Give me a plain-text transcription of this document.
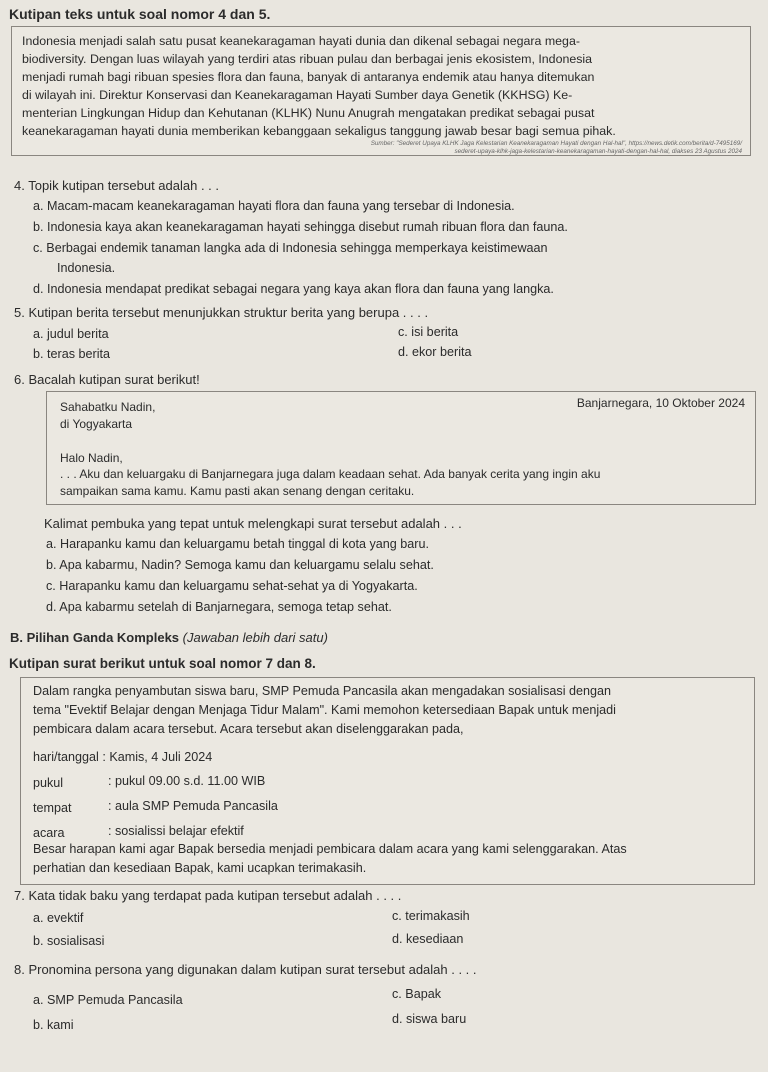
Kutipan teks untuk soal nomor 4 dan 5.
Indonesia menjadi salah satu pusat keanekaragaman hayati dunia dan dikenal sebagai negara mega-
biodiversity. Dengan luas wilayah yang terdiri atas ribuan pulau dan berbagai jenis ekosistem, Indonesia
menjadi rumah bagi ribuan spesies flora dan fauna, banyak di antaranya endemik atau hanya ditemukan
di wilayah ini. Direktur Konservasi dan Keanekaragaman Hayati Sumber daya Genetik (KKHSG) Ke-
menterian Lingkungan Hidup dan Kehutanan (KLHK) Nunu Anugrah mengatakan predikat sebagai pusat
keanekaragaman hayati dunia memberikan kebanggaan sekaligus tanggung jawab besar bagi semua pihak.
Sumber: "Sederet Upaya KLHK Jaga Kelestarian Keanekaragaman Hayati dengan Hal-hal", https://news.detik.com/berita/d-7495169/
sederet-upaya-klhk-jaga-kelestarian-keanekaragaman-hayati-dengan-hal-hal, diakses 23 Agustus 2024
4. Topik kutipan tersebut adalah . . .
a. Macam-macam keanekaragaman hayati flora dan fauna yang tersebar di Indonesia.
b. Indonesia kaya akan keanekaragaman hayati sehingga disebut rumah ribuan flora dan fauna.
c. Berbagai endemik tanaman langka ada di Indonesia sehingga memperkaya keistimewaan
Indonesia.
d. Indonesia mendapat predikat sebagai negara yang kaya akan flora dan fauna yang langka.
5. Kutipan berita tersebut menunjukkan struktur berita yang berupa . . . .
a. judul berita	c. isi berita
b. teras berita	d. ekor berita
6. Bacalah kutipan surat berikut!
Sahabatku Nadin,	Banjarnegara, 10 Oktober 2024
di Yogyakarta
Halo Nadin,
. . . Aku dan keluargaku di Banjarnegara juga dalam keadaan sehat. Ada banyak cerita yang ingin aku
sampaikan sama kamu. Kamu pasti akan senang dengan ceritaku.
Kalimat pembuka yang tepat untuk melengkapi surat tersebut adalah . . .
a. Harapanku kamu dan keluargamu betah tinggal di kota yang baru.
b. Apa kabarmu, Nadin? Semoga kamu dan keluargamu selalu sehat.
c. Harapanku kamu dan keluargamu sehat-sehat ya di Yogyakarta.
d. Apa kabarmu setelah di Banjarnegara, semoga tetap sehat.
B. Pilihan Ganda Kompleks (Jawaban lebih dari satu)
Kutipan surat berikut untuk soal nomor 7 dan 8.
Dalam rangka penyambutan siswa baru, SMP Pemuda Pancasila akan mengadakan sosialisasi dengan
tema "Evektif Belajar dengan Menjaga Tidur Malam". Kami memohon ketersediaan Bapak untuk menjadi
pembicara dalam acara tersebut. Acara tersebut akan diselenggarakan pada,
hari/tanggal : Kamis, 4 Juli 2024
pukul	: pukul 09.00 s.d. 11.00 WIB
tempat	: aula SMP Pemuda Pancasila
acara	: sosialissi belajar efektif
Besar harapan kami agar Bapak bersedia menjadi pembicara dalam acara yang kami selenggarakan. Atas
perhatian dan kesediaan Bapak, kami ucapkan terimakasih.
7. Kata tidak baku yang terdapat pada kutipan tersebut adalah . . . .
a. evektif	c. terimakasih
b. sosialisasi	d. kesediaan
8. Pronomina persona yang digunakan dalam kutipan surat tersebut adalah . . . .
a. SMP Pemuda Pancasila	c. Bapak
b. kami	d. siswa baru
